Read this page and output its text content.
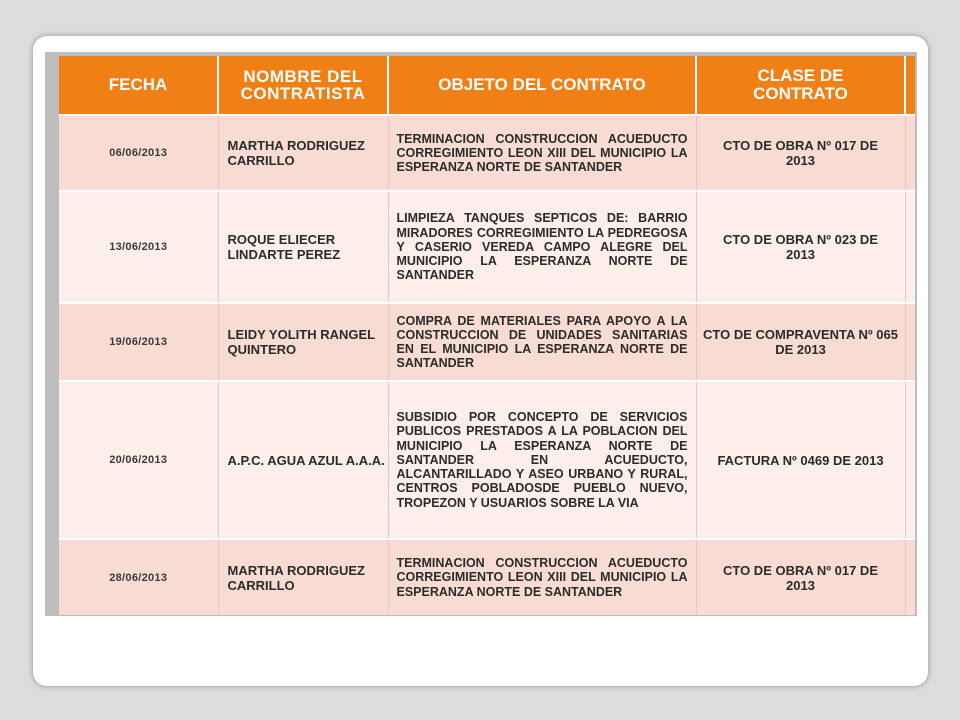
FECHA	NOMBRE DEL CONTRATISTA	OBJETO DEL CONTRATO	CLASE DE CONTRATO	
06/06/2013	MARTHA RODRIGUEZ CARRILLO	TERMINACION CONSTRUCCION ACUEDUCTO CORREGIMIENTO LEON XIII DEL MUNICIPIO LA ESPERANZA NORTE DE SANTANDER	CTO DE OBRA Nº 017 DE 2013	
13/06/2013	ROQUE ELIECER LINDARTE PEREZ	LIMPIEZA TANQUES SEPTICOS DE: BARRIO MIRADORES CORREGIMIENTO LA PEDREGOSA Y CASERIO VEREDA CAMPO ALEGRE DEL MUNICIPIO LA ESPERANZA NORTE DE SANTANDER	CTO DE OBRA Nº 023 DE 2013	
19/06/2013	LEIDY YOLITH RANGEL QUINTERO	COMPRA DE MATERIALES PARA APOYO A LA CONSTRUCCION DE UNIDADES SANITARIAS EN EL MUNICIPIO LA ESPERANZA NORTE DE SANTANDER	CTO DE COMPRAVENTA Nº 065 DE 2013	
20/06/2013	A.P.C. AGUA AZUL A.A.A.	SUBSIDIO POR CONCEPTO DE SERVICIOS PUBLICOS PRESTADOS A LA POBLACION DEL MUNICIPIO LA ESPERANZA NORTE DE SANTANDER EN ACUEDUCTO, ALCANTARILLADO Y ASEO URBANO Y RURAL, CENTROS POBLADOSDE PUEBLO NUEVO, TROPEZON Y USUARIOS SOBRE LA VIA	FACTURA Nº 0469 DE 2013	
28/06/2013	MARTHA RODRIGUEZ CARRILLO	TERMINACION CONSTRUCCION ACUEDUCTO CORREGIMIENTO LEON XIII DEL MUNICIPIO LA ESPERANZA NORTE DE SANTANDER	CTO DE OBRA Nº 017 DE 2013	
